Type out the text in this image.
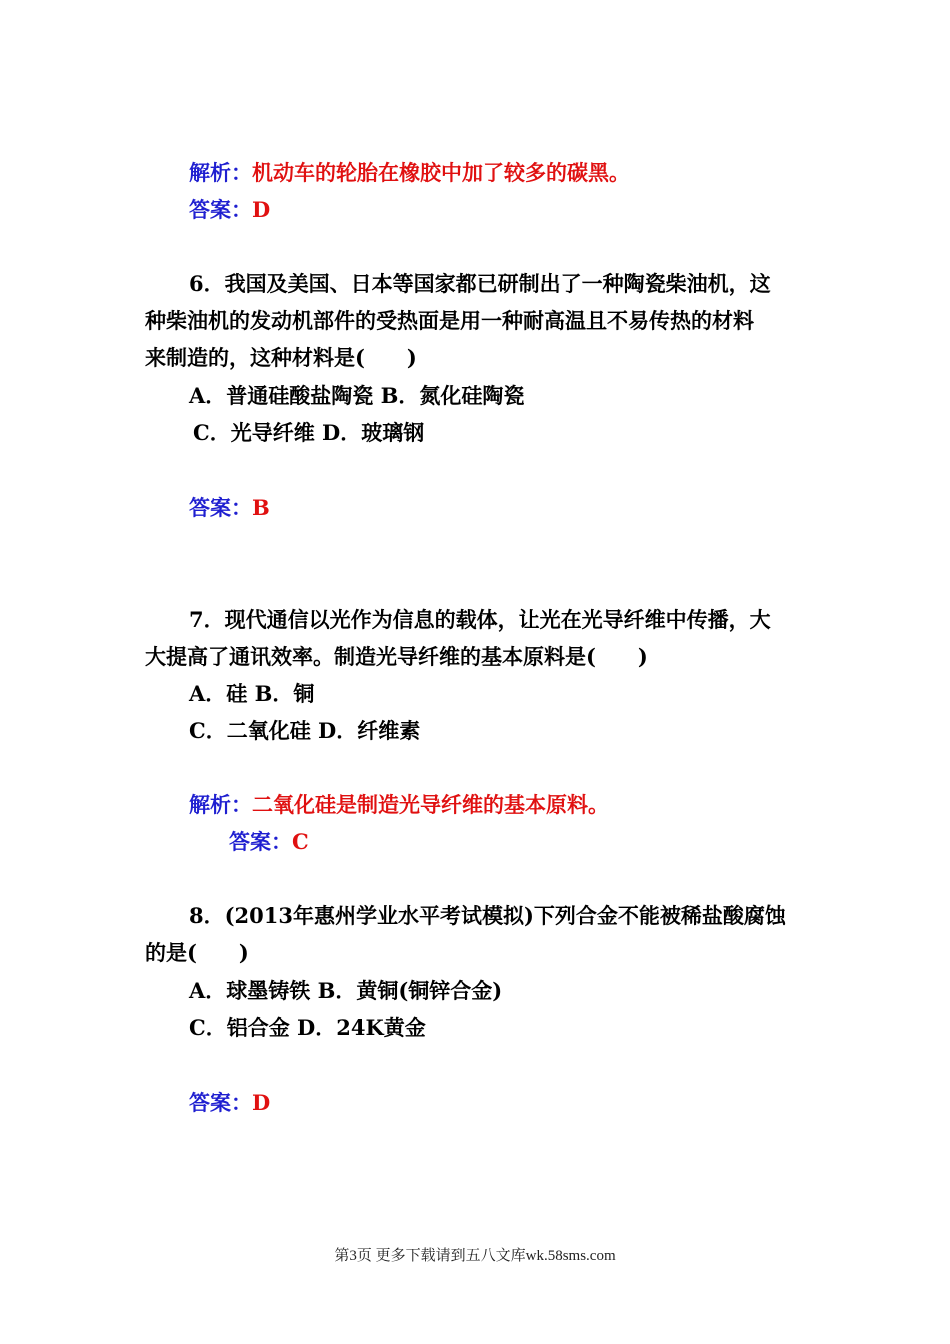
解析：机动车的轮胎在橡胶中加了较多的碳黑。
答案：D
6．我国及美国、日本等国家都已研制出了一种陶瓷柴油机，这
种柴油机的发动机部件的受热面是用一种耐高温且不易传热的材料
来制造的，这种材料是(　　)
A．普通硅酸盐陶瓷 B．氮化硅陶瓷
C．光导纤维 D．玻璃钢
答案：B
7．现代通信以光作为信息的载体，让光在光导纤维中传播，大
大提高了通讯效率。制造光导纤维的基本原料是(　　)
A．硅 B．铜
C．二氧化硅 D．纤维素
解析：二氧化硅是制造光导纤维的基本原料。
答案：C
8．(2013年惠州学业水平考试模拟)下列合金不能被稀盐酸腐蚀
的是(　　)
A．球墨铸铁 B．黄铜(铜锌合金)
C．铝合金 D．24K黄金
答案：D
第3页 更多下载请到五八文库wk.58sms.com
